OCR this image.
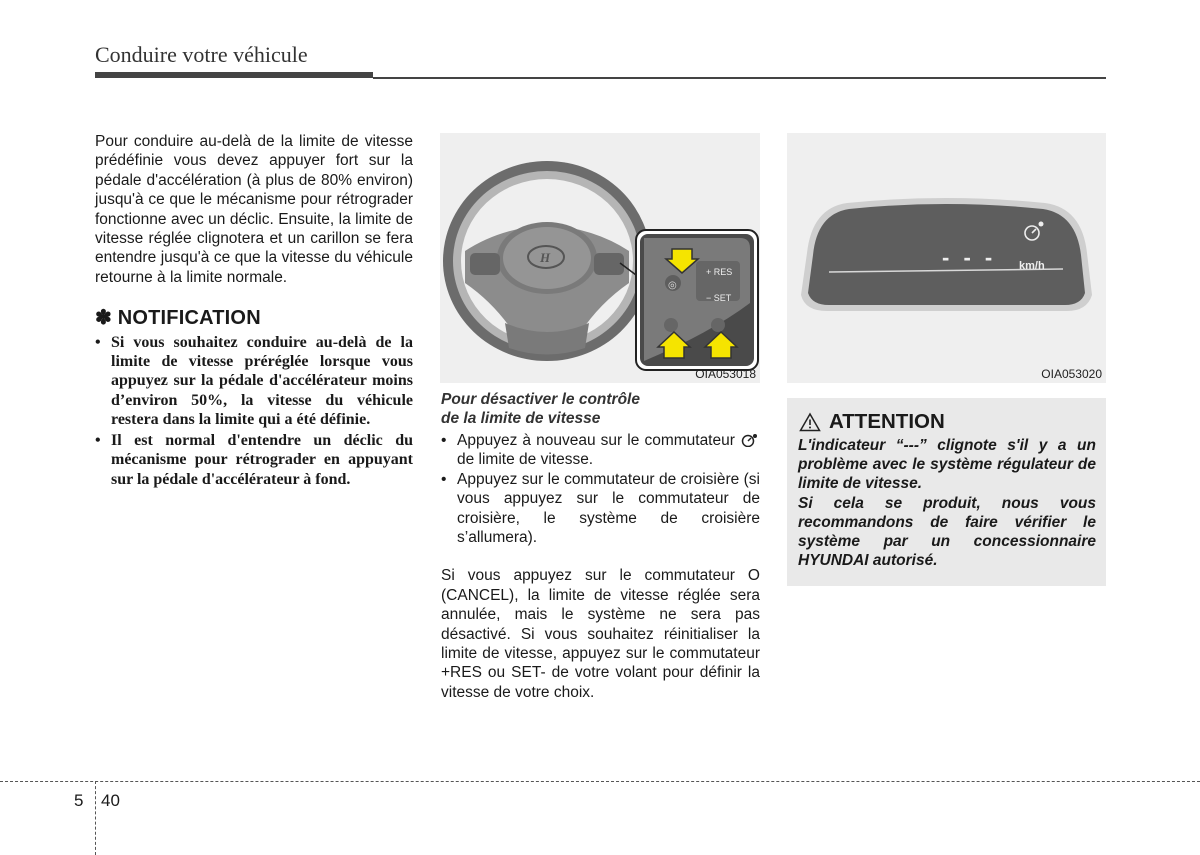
Conduire votre véhicule

Pour conduire au-delà de la limite de vitesse prédéfinie vous devez appuyer fort sur la pédale d'accélération (à plus de 80% environ) jusqu'à ce que le mécanisme pour rétrograder fonctionne avec un déclic. Ensuite, la limite de vitesse réglée clignotera et un carillon se fera entendre jusqu'à ce que la vitesse du véhicule retourne à la limite normale.

✽ NOTIFICATION
• Si vous souhaitez conduire au-delà de la limite de vitesse préréglée lorsque vous appuyez sur la pédale d'accélérateur moins d’environ 50%, la vitesse du véhicule restera dans la limite qui a été définie.
• Il est normal d'entendre un déclic du mécanisme pour rétrograder en appuyant sur la pédale d'accélérateur à fond.
H
◎
+ RES
− SET
OIA053018
- - - km/h
OIA053020
Pour désactiver le contrôle
de la limite de vitesse
• Appuyez à nouveau sur le commutateur  de limite de vitesse.
• Appuyez sur le commutateur de croisière (si vous appuyez sur le commutateur de croisière, le système de croisière s’allumera).

Si vous appuyez sur le commutateur O (CANCEL), la limite de vitesse réglée sera annulée, mais le système ne sera pas désactivé. Si vous souhaitez réinitialiser la limite de vitesse, appuyez sur le commutateur +RES ou SET- de votre volant pour définir la vitesse de votre choix.

ATTENTION

L'indicateur “---” clignote s'il y a un problème avec le système régulateur de limite de vitesse.

Si cela se produit, nous vous recommandons de faire vérifier le système par un concessionnaire HYUNDAI autorisé.

5 40
